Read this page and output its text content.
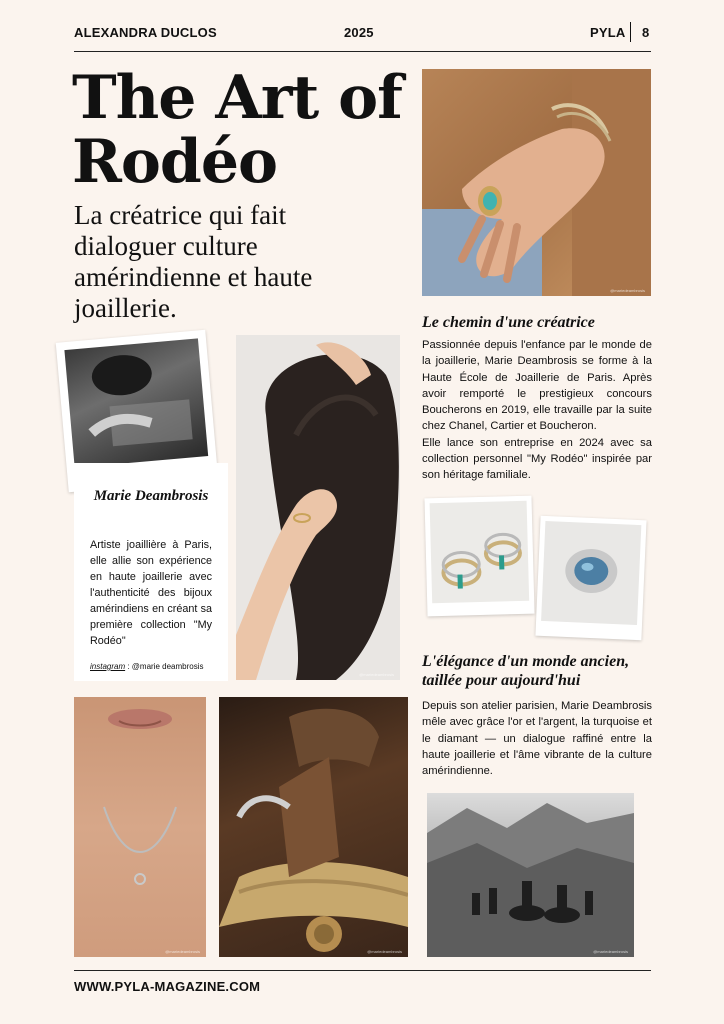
ALEXANDRA DUCLOS	2025	PYLA 8
The Art of
Rodéo
La créatrice qui fait dialoguer culture amérindienne et haute joaillerie.
@mariedeambrosis
Le chemin d'une créatrice
Passionnée depuis l'enfance par le monde de la joaillerie, Marie Deambrosis se forme à la Haute École de Joaillerie de Paris. Après avoir remporté le prestigieux concours Boucherons en 2019, elle travaille par la suite chez Chanel, Cartier et Boucheron.
Elle lance son entreprise en 2024 avec sa collection personnel "My Rodéo" inspirée par son héritage familiale.
Marie Deambrosis
Artiste joaillière à Paris, elle allie son expérience en haute joaillerie avec l'authenticité des bijoux amérindiens en créant sa première collection "My Rodéo"
instagram : @marie deambrosis
@mariedeambrosis
L'élégance d'un monde ancien, taillée pour aujourd'hui
Depuis son atelier parisien, Marie Deambrosis mêle avec grâce l'or et l'argent, la turquoise et le diamant — un dialogue raffiné entre la haute joaillerie et l'âme vibrante de la culture amérindienne.
@mariedeambrosis	@mariedeambrosis	@mariedeambrosis
WWW.PYLA-MAGAZINE.COM
